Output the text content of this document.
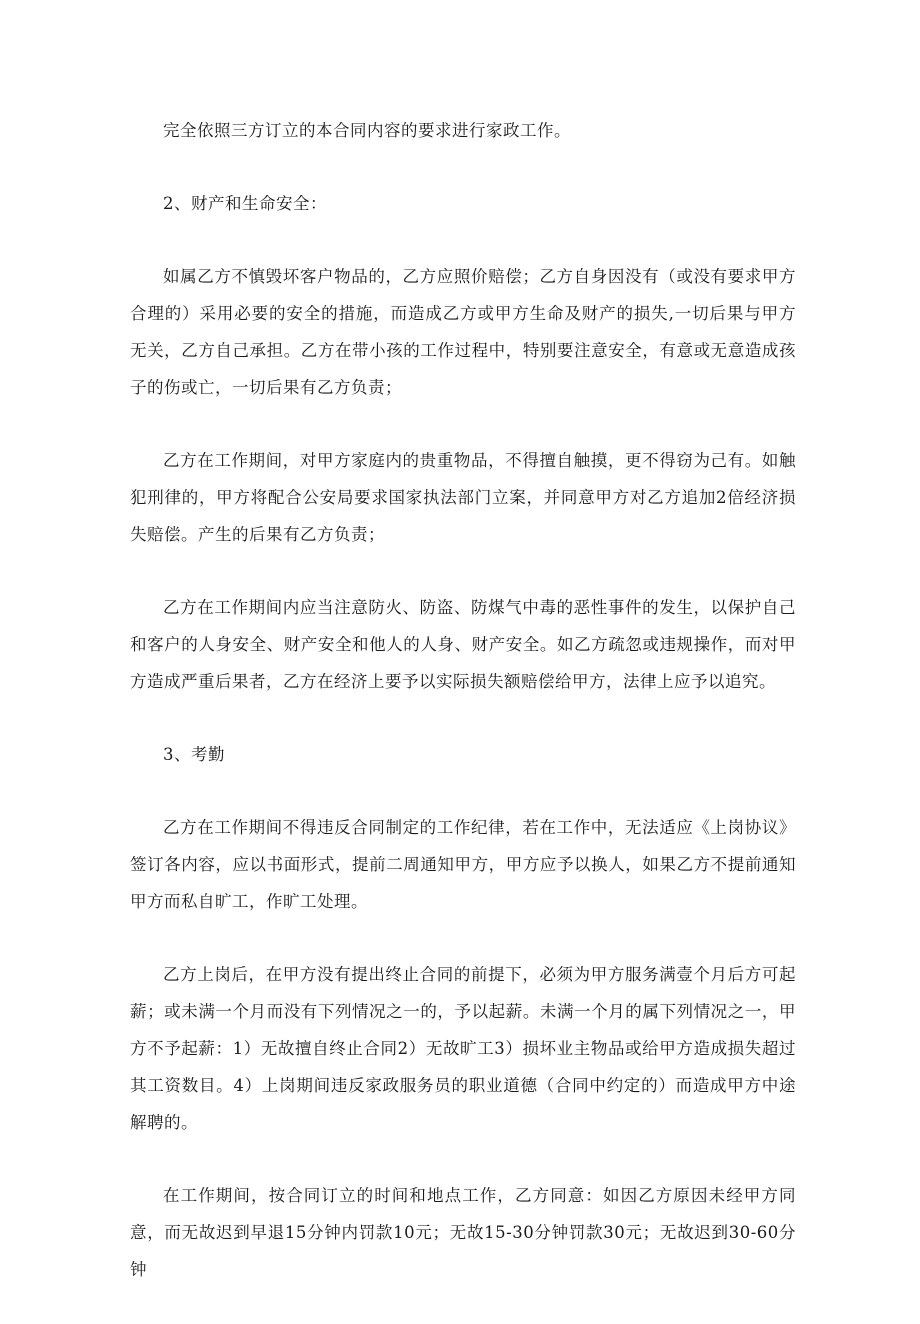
完全依照三方订立的本合同内容的要求进行家政工作。

2、财产和生命安全：

如属乙方不慎毁坏客户物品的，乙方应照价赔偿；乙方自身因没有（或没有要求甲方合理的）采用必要的安全的措施，而造成乙方或甲方生命及财产的损失,一切后果与甲方无关，乙方自己承担。乙方在带小孩的工作过程中，特别要注意安全，有意或无意造成孩子的伤或亡，一切后果有乙方负责；

乙方在工作期间，对甲方家庭内的贵重物品，不得擅自触摸，更不得窃为己有。如触犯刑律的，甲方将配合公安局要求国家执法部门立案，并同意甲方对乙方追加2倍经济损失赔偿。产生的后果有乙方负责；

乙方在工作期间内应当注意防火、防盗、防煤气中毒的恶性事件的发生，以保护自己和客户的人身安全、财产安全和他人的人身、财产安全。如乙方疏忽或违规操作，而对甲方造成严重后果者，乙方在经济上要予以实际损失额赔偿给甲方，法律上应予以追究。

3、考勤

乙方在工作期间不得违反合同制定的工作纪律，若在工作中，无法适应《上岗协议》签订各内容，应以书面形式，提前二周通知甲方，甲方应予以换人，如果乙方不提前通知甲方而私自旷工，作旷工处理。

乙方上岗后，在甲方没有提出终止合同的前提下，必须为甲方服务满壹个月后方可起薪；或未满一个月而没有下列情况之一的，予以起薪。未满一个月的属下列情况之一，甲方不予起薪：1）无故擅自终止合同2）无故旷工3）损坏业主物品或给甲方造成损失超过其工资数目。4）上岗期间违反家政服务员的职业道德（合同中约定的）而造成甲方中途解聘的。

在工作期间，按合同订立的时间和地点工作，乙方同意：如因乙方原因未经甲方同意，而无故迟到早退15分钟内罚款10元；无故15-30分钟罚款30元；无故迟到30-60分钟
